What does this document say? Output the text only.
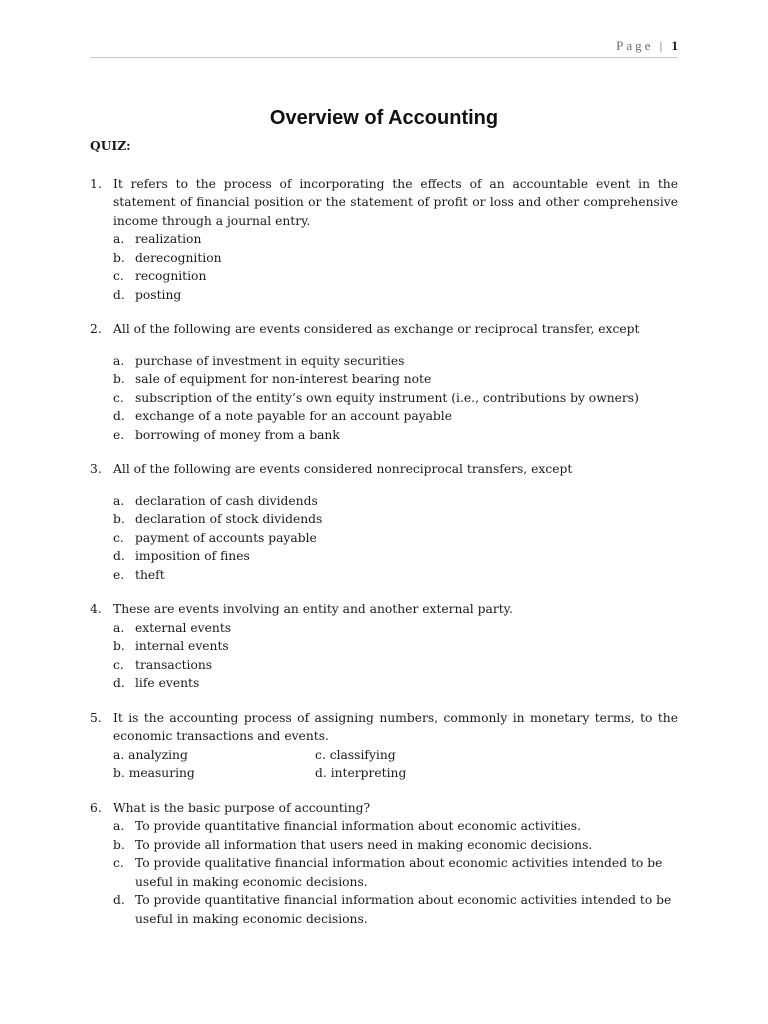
Page | 1
Overview of Accounting
QUIZ:
1. It refers to the process of incorporating the effects of an accountable event in the statement of financial position or the statement of profit or loss and other comprehensive income through a journal entry.
a. realization
b. derecognition
c. recognition
d. posting
2. All of the following are events considered as exchange or reciprocal transfer, except
a. purchase of investment in equity securities
b. sale of equipment for non-interest bearing note
c. subscription of the entity’s own equity instrument (i.e., contributions by owners)
d. exchange of a note payable for an account payable
e. borrowing of money from a bank
3. All of the following are events considered nonreciprocal transfers, except
a. declaration of cash dividends
b. declaration of stock dividends
c. payment of accounts payable
d. imposition of fines
e. theft
4. These are events involving an entity and another external party.
a. external events
b. internal events
c. transactions
d. life events
5. It is the accounting process of assigning numbers, commonly in monetary terms, to the economic transactions and events.
a. analyzing	c. classifying
b. measuring	d. interpreting
6. What is the basic purpose of accounting?
a. To provide quantitative financial information about economic activities.
b. To provide all information that users need in making economic decisions.
c. To provide qualitative financial information about economic activities intended to be useful in making economic decisions.
d. To provide quantitative financial information about economic activities intended to be useful in making economic decisions.
